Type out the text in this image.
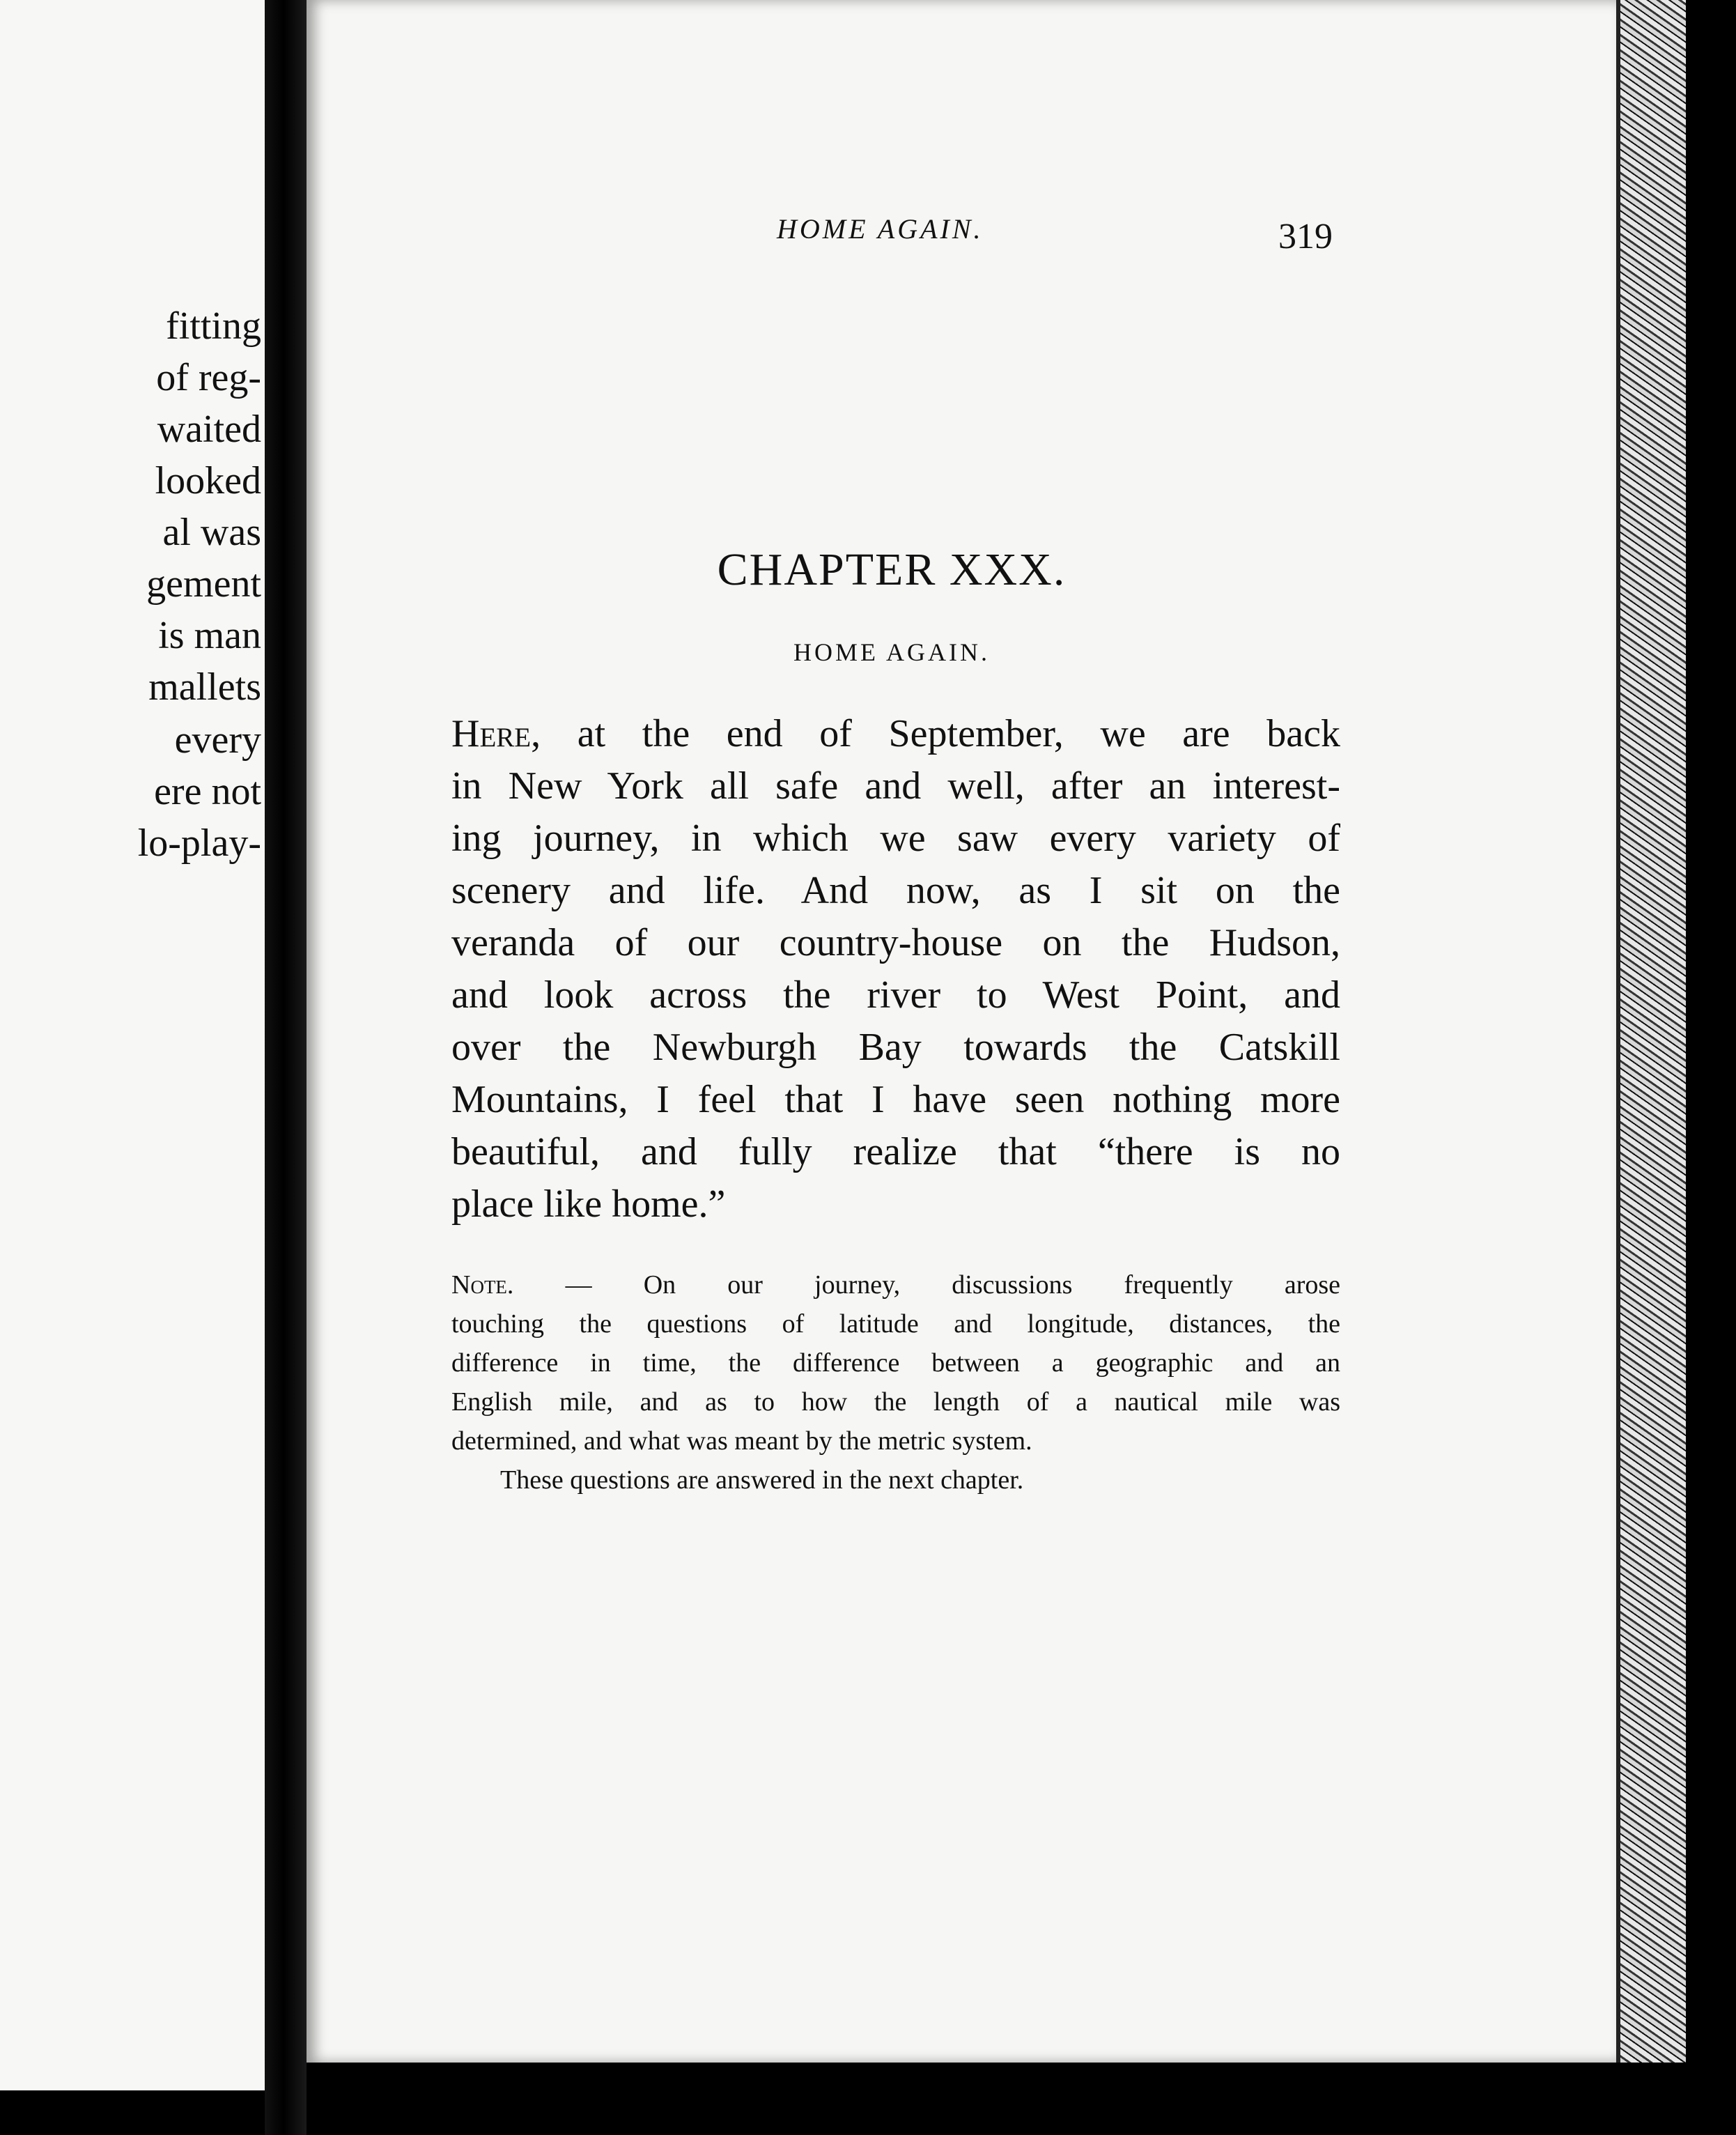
fitting
of reg-
waited
looked
al was
gement
is man
mallets
every
ere not
lo-play-
HOME AGAIN.	319
CHAPTER XXX.
HOME AGAIN.
Here, at the end of September, we are back
in New York all safe and well, after an interest-
ing journey, in which we saw every variety of
scenery and life. And now, as I sit on the
veranda of our country-house on the Hudson,
and look across the river to West Point, and
over the Newburgh Bay towards the Catskill
Mountains, I feel that I have seen nothing more
beautiful, and fully realize that “there is no
place like home.”
Note. — On our journey, discussions frequently arose
touching the questions of latitude and longitude, distances, the
difference in time, the difference between a geographic and an
English mile, and as to how the length of a nautical mile was
determined, and what was meant by the metric system.
These questions are answered in the next chapter.
